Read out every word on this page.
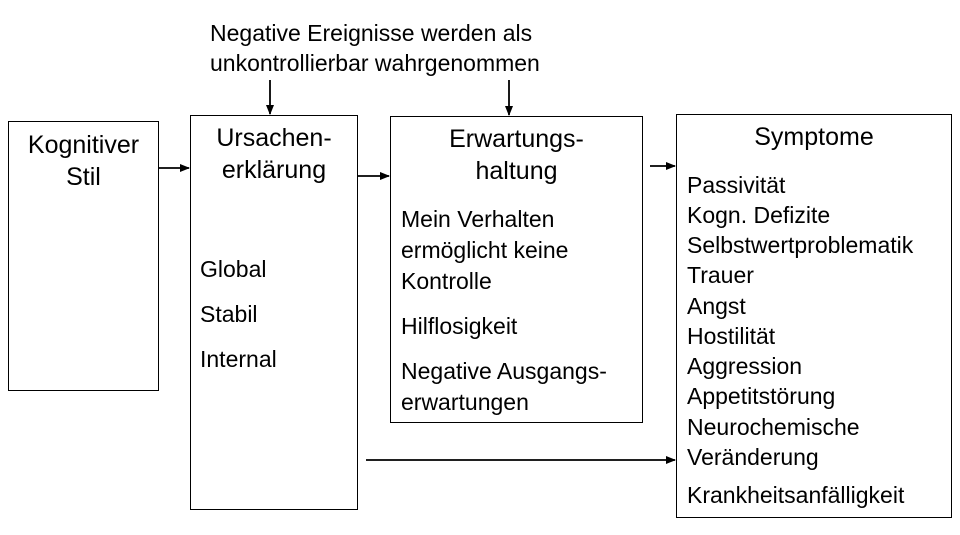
Negative Ereignisse werden als
unkontrollierbar wahrgenommen
Kognitiver
Stil
Ursachen-
erklärung
Global
Stabil
Internal
Erwartungs-
haltung
Mein Verhalten
ermöglicht keine
Kontrolle
Hilflosigkeit
Negative Ausgangs-
erwartungen
Symptome
Passivität
Kogn. Defizite
Selbstwertproblematik
Trauer
Angst
Hostilität
Aggression
Appetitstörung
Neurochemische
Veränderung
Krankheitsanfälligkeit
